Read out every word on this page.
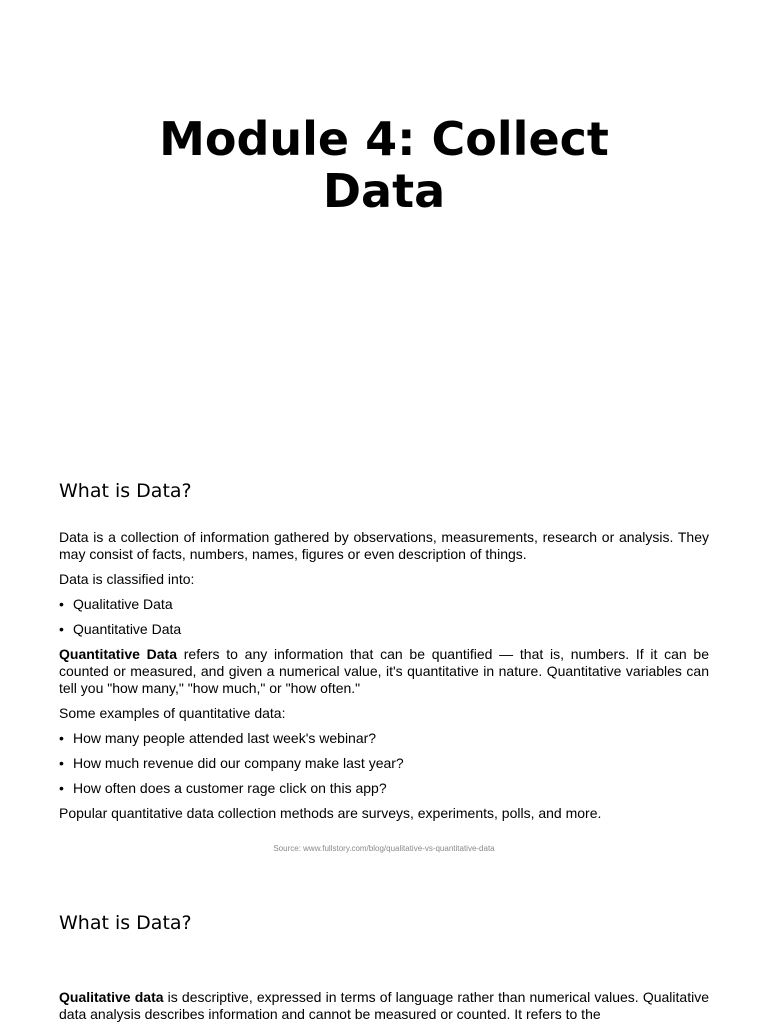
Module 4: Collect
Data
What is Data?

Data is a collection of information gathered by observations, measurements, research or analysis. They may consist of facts, numbers, names, figures or even description of things.

Data is classified into:

• Qualitative Data
• Quantitative Data

Quantitative Data refers to any information that can be quantified — that is, numbers. If it can be counted or measured, and given a numerical value, it's quantitative in nature. Quantitative variables can tell you "how many," "how much," or "how often."

Some examples of quantitative data:

• How many people attended last week's webinar?
• How much revenue did our company make last year?
• How often does a customer rage click on this app?

Popular quantitative data collection methods are surveys, experiments, polls, and more.

Source: www.fullstory.com/blog/qualitative-vs-quantitative-data
What is Data?

Qualitative data is descriptive, expressed in terms of language rather than numerical values. Qualitative data analysis describes information and cannot be measured or counted. It refers to the
